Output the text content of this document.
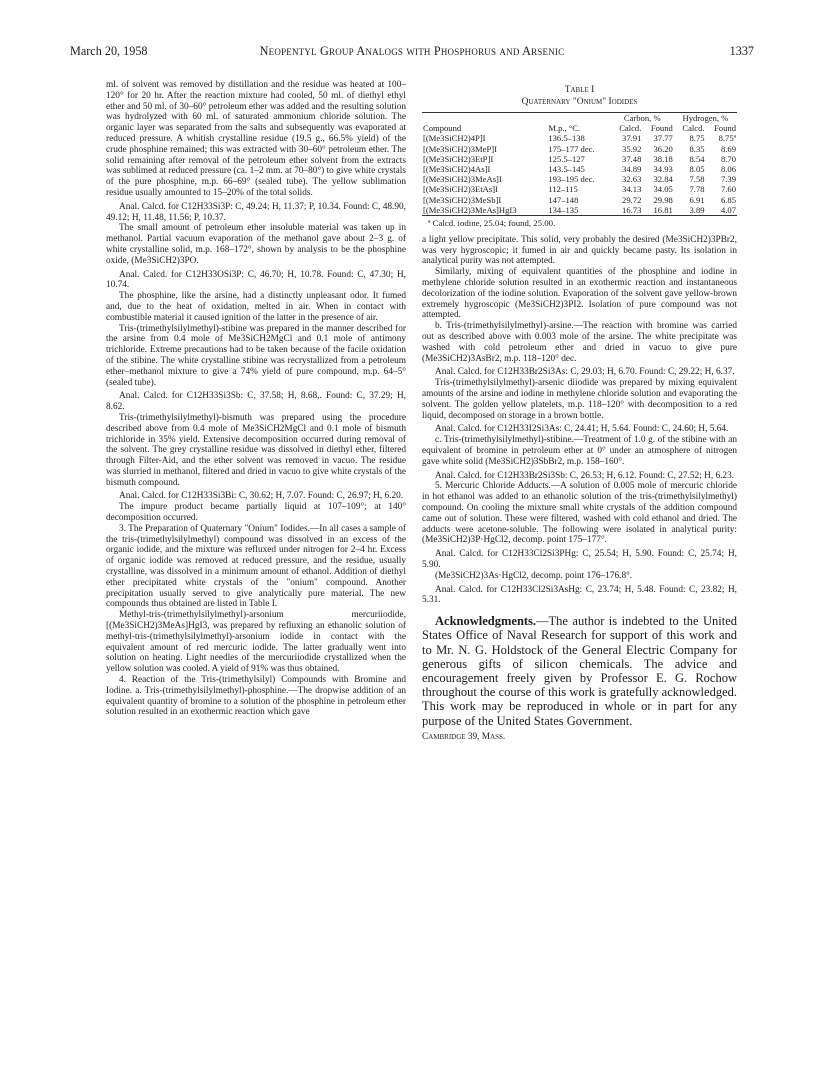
March 20, 1958	Neopentyl Group Analogs with Phosphorus and Arsenic	1337

ml. of solvent was removed by distillation and the residue was heated at 100–120° for 20 hr. After the reaction mixture had cooled, 50 ml. of diethyl ethyl ether and 50 ml. of 30–60° petroleum ether was added and the resulting solution was hydrolyzed with 60 ml. of saturated ammonium chloride solution. The organic layer was separated from the salts and subsequently was evaporated at reduced pressure. A whitish crystalline residue (19.5 g., 66.5% yield) of the crude phosphine remained; this was extracted with 30–60° petroleum ether. The solid remaining after removal of the petroleum ether solvent from the extracts was sublimed at reduced pressure (ca. 1–2 mm. at 70–80°) to give white crystals of the pure phosphine, m.p. 66–69° (sealed tube). The yellow sublimation residue usually amounted to 15–20% of the total solids.

Anal. Calcd. for C12H33Si3P: C, 49.24; H, 11.37; P, 10.34. Found: C, 48.90, 49.12; H, 11.48, 11.56; P, 10.37.

The small amount of petroleum ether insoluble material was taken up in methanol. Partial vacuum evaporation of the methanol gave about 2–3 g. of white crystalline solid, m.p. 168–172°, shown by analysis to be the phosphine oxide, (Me3SiCH2)3PO.

Anal. Calcd. for C12H33OSi3P: C, 46.70; H, 10.78. Found: C, 47.30; H, 10.74.

The phosphine, like the arsine, had a distinctly unpleasant odor. It fumed and, due to the heat of oxidation, melted in air. When in contact with combustible material it caused ignition of the latter in the presence of air.

Tris-(trimethylsilylmethyl)-stibine was prepared in the manner described for the arsine from 0.4 mole of Me3SiCH2MgCl and 0.1 mole of antimony trichloride. Extreme precautions had to be taken because of the facile oxidation of the stibine. The white crystalline stibine was recrystallized from a petroleum ether–methanol mixture to give a 74% yield of pure compound, m.p. 64–5° (sealed tube).

Anal. Calcd. for C12H33Si3Sb: C, 37.58; H, 8.68,. Found: C, 37.29; H, 8.62.

Tris-(trimethylsilylmethyl)-bismuth was prepared using the procedure described above from 0.4 mole of Me3SiCH2MgCl and 0.1 mole of bismuth trichloride in 35% yield. Extensive decomposition occurred during removal of the solvent. The grey crystalline residue was dissolved in diethyl ether, filtered through Filter-Aid, and the ether solvent was removed in vacuo. The residue was slurried in methanol, filtered and dried in vacuo to give white crystals of the bismuth compound.

Anal. Calcd. for C12H33Si3Bi: C, 30.62; H, 7.07. Found: C, 26.97; H, 6.20.

The impure product became partially liquid at 107–109°; at 140° decomposition occurred.

3. The Preparation of Quaternary "Onium" Iodides.—In all cases a sample of the tris-(trimethylsilylmethyl) compound was dissolved in an excess of the organic iodide, and the mixture was refluxed under nitrogen for 2–4 hr. Excess of organic iodide was removed at reduced pressure, and the residue, usually crystalline, was dissolved in a minimum amount of ethanol. Addition of diethyl ether precipitated white crystals of the "onium" compound. Another precipitation usually served to give analytically pure material. The new compounds thus obtained are listed in Table I.

Methyl-tris-(trimethylsilylmethyl)-arsonium mercuriiodide, [(Me3SiCH2)3MeAs]HgI3, was prepared by refluxing an ethanolic solution of methyl-tris-(trimethylsilylmethyl)-arsonium iodide in contact with the equivalent amount of red mercuric iodide. The latter gradually went into solution on heating. Light needles of the mercuriiodide crystallized when the yellow solution was cooled. A yield of 91% was thus obtained.

4. Reaction of the Tris-(trimethylsilyl) Compounds with Bromine and Iodine. a. Tris-(trimethylsilylmethyl)-phosphine.—The dropwise addition of an equivalent quantity of bromine to a solution of the phosphine in petroleum ether solution resulted in an exothermic reaction which gave

Table I
Quaternary "Onium" Iodides
		Carbon, %		Hydrogen, %	
Compound	M.p., °C.	Calcd.	Found	Calcd.	Found
[(Me3SiCH2)4P]I	136.5–138	37.91	37.77	8.75	8.75ª
[(Me3SiCH2)3MeP]I	175–177 dec.	35.92	36.20	8.35	8.69
[(Me3SiCH2)3EtP]I	125.5–127	37.48	38.18	8.54	8.70
[(Me3SiCH2)4As]I	143.5–145	34.89	34.93	8.05	8.06
[(Me3SiCH2)3MeAs]I	193–195 dec.	32.63	32.84	7.58	7.39
[(Me3SiCH2)3EtAs]I	112–115	34.13	34.05	7.78	7.60
[(Me3SiCH2)3MeSb]I	147–148	29.72	29.98	6.91	6.85
[(Me3SiCH2)3MeAs]HgI3	134–135	16.73	16.81	3.89	4.07
ª Calcd. iodine, 25.04; found, 25.00.

a light yellow precipitate. This solid, very probably the desired (Me3SiCH2)3PBr2, was very hygroscopic; it fumed in air and quickly became pasty. Its isolation in analytical purity was not attempted.

Similarly, mixing of equivalent quantities of the phosphine and iodine in methylene chloride solution resulted in an exothermic reaction and instantaneous decolorization of the iodine solution. Evaporation of the solvent gave yellow-brown extremely hygroscopic (Me3SiCH2)3PI2. Isolation of pure compound was not attempted.

b. Tris-(trimethylsilylmethyl)-arsine.—The reaction with bromine was carried out as described above with 0.003 mole of the arsine. The white precipitate was washed with cold petroleum ether and dried in vacuo to give pure (Me3SiCH2)3AsBr2, m.p. 118–120° dec.

Anal. Calcd. for C12H33Br2Si3As: C, 29.03; H, 6.70. Found: C, 29.22; H, 6.37.

Tris-(trimethylsilylmethyl)-arsenic diiodide was prepared by mixing equivalent amounts of the arsine and iodine in methylene chloride solution and evaporating the solvent. The golden yellow platelets, m.p. 118–120° with decomposition to a red liquid, decomposed on storage in a brown bottle.

Anal. Calcd. for C12H33I2Si3As: C, 24.41; H, 5.64. Found: C, 24.60; H, 5.64.

c. Tris-(trimethylsilylmethyl)-stibine.—Treatment of 1.0 g. of the stibine with an equivalent of bromine in petroleum ether at 0° under an atmosphere of nitrogen gave white solid (Me3SiCH2)3SbBr2, m.p. 158–160°.

Anal. Calcd. for C12H33Br2Si3Sb: C, 26.53; H, 6.12. Found: C, 27.52; H, 6.23.

5. Mercuric Chloride Adducts.—A solution of 0.005 mole of mercuric chloride in hot ethanol was added to an ethanolic solution of the tris-(trimethylsilylmethyl) compound. On cooling the mixture small white crystals of the addition compound came out of solution. These were filtered, washed with cold ethanol and dried. The adducts were acetone-soluble. The following were isolated in analytical purity: (Me3SiCH2)3P·HgCl2, decomp. point 175–177°.

Anal. Calcd. for C12H33Cl2Si3PHg: C, 25.54; H, 5.90. Found: C, 25.74; H, 5.90.

(Me3SiCH2)3As·HgCl2, decomp. point 176–176.8°.

Anal. Calcd. for C12H33Cl2Si3AsHg: C, 23.74; H, 5.48. Found: C, 23.82; H, 5.31.

Acknowledgments.—The author is indebted to the United States Office of Naval Research for support of this work and to Mr. N. G. Holdstock of the General Electric Company for generous gifts of silicon chemicals. The advice and encouragement freely given by Professor E. G. Rochow throughout the course of this work is gratefully acknowledged. This work may be reproduced in whole or in part for any purpose of the United States Government.

Cambridge 39, Mass.
